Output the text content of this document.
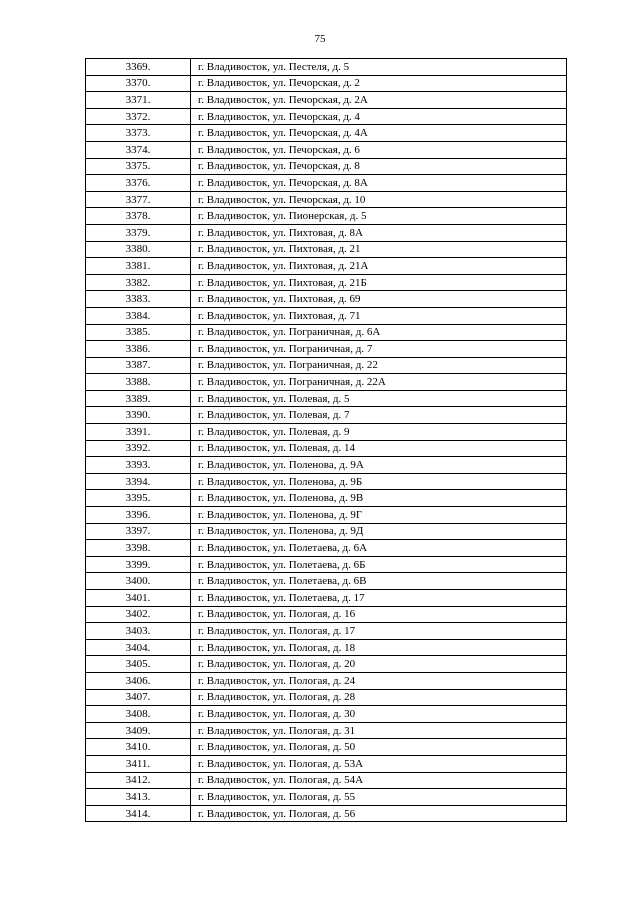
75
3369.	г. Владивосток, ул. Пестеля, д. 5
3370.	г. Владивосток, ул. Печорская, д. 2
3371.	г. Владивосток, ул. Печорская, д. 2А
3372.	г. Владивосток, ул. Печорская, д. 4
3373.	г. Владивосток, ул. Печорская, д. 4А
3374.	г. Владивосток, ул. Печорская, д. 6
3375.	г. Владивосток, ул. Печорская, д. 8
3376.	г. Владивосток, ул. Печорская, д. 8А
3377.	г. Владивосток, ул. Печорская, д. 10
3378.	г. Владивосток, ул. Пионерская, д. 5
3379.	г. Владивосток, ул. Пихтовая, д. 8А
3380.	г. Владивосток, ул. Пихтовая, д. 21
3381.	г. Владивосток, ул. Пихтовая, д. 21А
3382.	г. Владивосток, ул. Пихтовая, д. 21Б
3383.	г. Владивосток, ул. Пихтовая, д. 69
3384.	г. Владивосток, ул. Пихтовая, д. 71
3385.	г. Владивосток, ул. Пограничная, д. 6А
3386.	г. Владивосток, ул. Пограничная, д. 7
3387.	г. Владивосток, ул. Пограничная, д. 22
3388.	г. Владивосток, ул. Пограничная, д. 22А
3389.	г. Владивосток, ул. Полевая, д. 5
3390.	г. Владивосток, ул. Полевая, д. 7
3391.	г. Владивосток, ул. Полевая, д. 9
3392.	г. Владивосток, ул. Полевая, д. 14
3393.	г. Владивосток, ул. Поленова, д. 9А
3394.	г. Владивосток, ул. Поленова, д. 9Б
3395.	г. Владивосток, ул. Поленова, д. 9В
3396.	г. Владивосток, ул. Поленова, д. 9Г
3397.	г. Владивосток, ул. Поленова, д. 9Д
3398.	г. Владивосток, ул. Полетаева, д. 6А
3399.	г. Владивосток, ул. Полетаева, д. 6Б
3400.	г. Владивосток, ул. Полетаева, д. 6В
3401.	г. Владивосток, ул. Полетаева, д. 17
3402.	г. Владивосток, ул. Пологая, д. 16
3403.	г. Владивосток, ул. Пологая, д. 17
3404.	г. Владивосток, ул. Пологая, д. 18
3405.	г. Владивосток, ул. Пологая, д. 20
3406.	г. Владивосток, ул. Пологая, д. 24
3407.	г. Владивосток, ул. Пологая, д. 28
3408.	г. Владивосток, ул. Пологая, д. 30
3409.	г. Владивосток, ул. Пологая, д. 31
3410.	г. Владивосток, ул. Пологая, д. 50
3411.	г. Владивосток, ул. Пологая, д. 53А
3412.	г. Владивосток, ул. Пологая, д. 54А
3413.	г. Владивосток, ул. Пологая, д. 55
3414.	г. Владивосток, ул. Пологая, д. 56
